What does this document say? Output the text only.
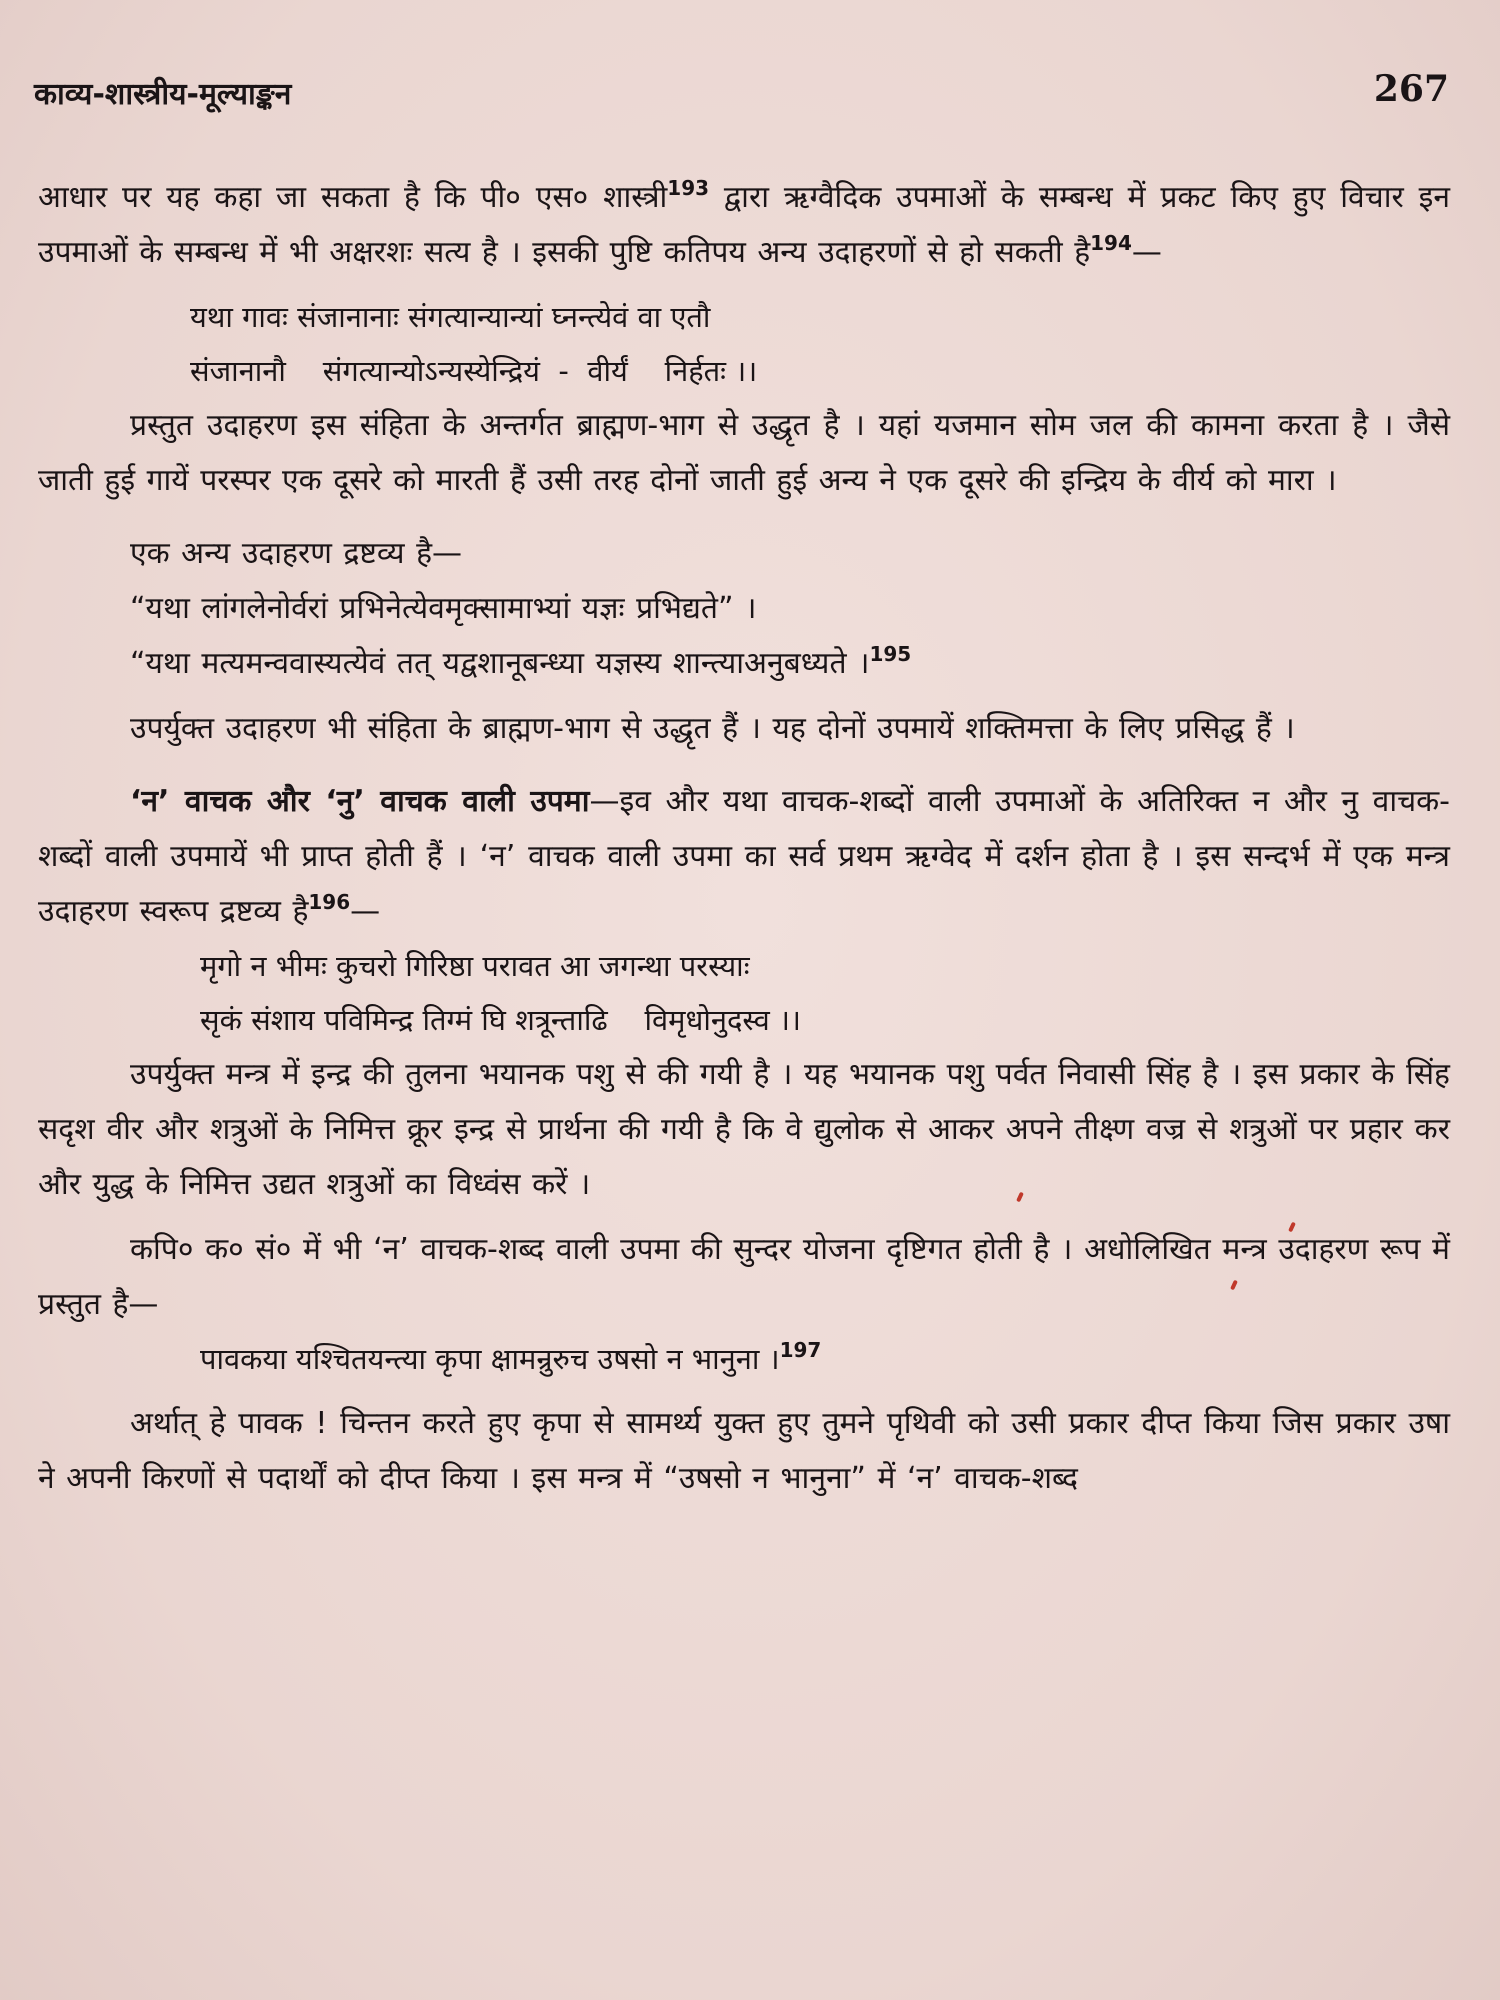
काव्य-शास्त्रीय-मूल्याङ्कन	267

आधार पर यह कहा जा सकता है कि पी० एस० शास्त्री$^{193}$ द्वारा ऋग्वैदिक उपमाओं के सम्बन्ध में प्रकट किए हुए विचार इन उपमाओं के सम्बन्ध में भी अक्षरशः सत्य है । इसकी पुष्टि कतिपय अन्य उदाहरणों से हो सकती है$^{194}$—

यथा गावः संजानानाः संगत्यान्यान्यां घ्नन्त्येवं वा एतौ

संजानानौ    संगत्यान्योऽन्यस्येन्द्रियं  -  वीर्यं    निर्हतः ।।

प्रस्तुत उदाहरण इस संहिता के अन्तर्गत ब्राह्मण-भाग से उद्धृत है । यहां यजमान सोम जल की कामना करता है । जैसे जाती हुई गायें परस्पर एक दूसरे को मारती हैं उसी तरह दोनों जाती हुई अन्य ने एक दूसरे की इन्द्रिय के वीर्य को मारा ।

एक अन्य उदाहरण द्रष्टव्य है—

“यथा लांगलेनोर्वरां प्रभिनेत्येवमृक्सामाभ्यां यज्ञः प्रभिद्यते” ।

“यथा मत्यमन्ववास्यत्येवं तत् यद्वशानूबन्ध्या यज्ञस्य शान्त्याअनुबध्यते ।$^{195}$

उपर्युक्त उदाहरण भी संहिता के ब्राह्मण-भाग से उद्धृत हैं । यह दोनों उपमायें शक्तिमत्ता के लिए प्रसिद्ध हैं ।

‘न’ वाचक और ‘नु’ वाचक वाली उपमा—इव और यथा वाचक-शब्दों वाली उपमाओं के अतिरिक्त न और नु वाचक-शब्दों वाली उपमायें भी प्राप्त होती हैं । ‘न’ वाचक वाली उपमा का सर्व प्रथम ऋग्वेद में दर्शन होता है । इस सन्दर्भ में एक मन्त्र उदाहरण स्वरूप द्रष्टव्य है$^{196}$—

मृगो न भीमः कुचरो गिरिष्ठा परावत आ जगन्था परस्याः

सृकं संशाय पविमिन्द्र तिग्मं घि शत्रून्ताढि    विमृधोनुदस्व ।।

उपर्युक्त मन्त्र में इन्द्र की तुलना भयानक पशु से की गयी है । यह भयानक पशु पर्वत निवासी सिंह है । इस प्रकार के सिंह सदृश वीर और शत्रुओं के निमित्त क्रूर इन्द्र से प्रार्थना की गयी है कि वे द्युलोक से आकर अपने तीक्ष्ण वज्र से शत्रुओं पर प्रहार कर और युद्ध के निमित्त उद्यत शत्रुओं का विध्वंस करें ।

कपि० क० सं० में भी ‘न’ वाचक-शब्द वाली उपमा की सुन्दर योजना दृष्टिगत होती है । अधोलिखित मन्त्र उदाहरण रूप में प्रस्तुत है—

पावकया यश्चितयन्त्या कृपा क्षामन्रुरुच उषसो न भानुना ।$^{197}$

अर्थात् हे पावक ! चिन्तन करते हुए कृपा से सामर्थ्य युक्त हुए तुमने पृथिवी को उसी प्रकार दीप्त किया जिस प्रकार उषा ने अपनी किरणों से पदार्थों को दीप्त किया । इस मन्त्र में “उषसो न भानुना” में ‘न’ वाचक-शब्द
